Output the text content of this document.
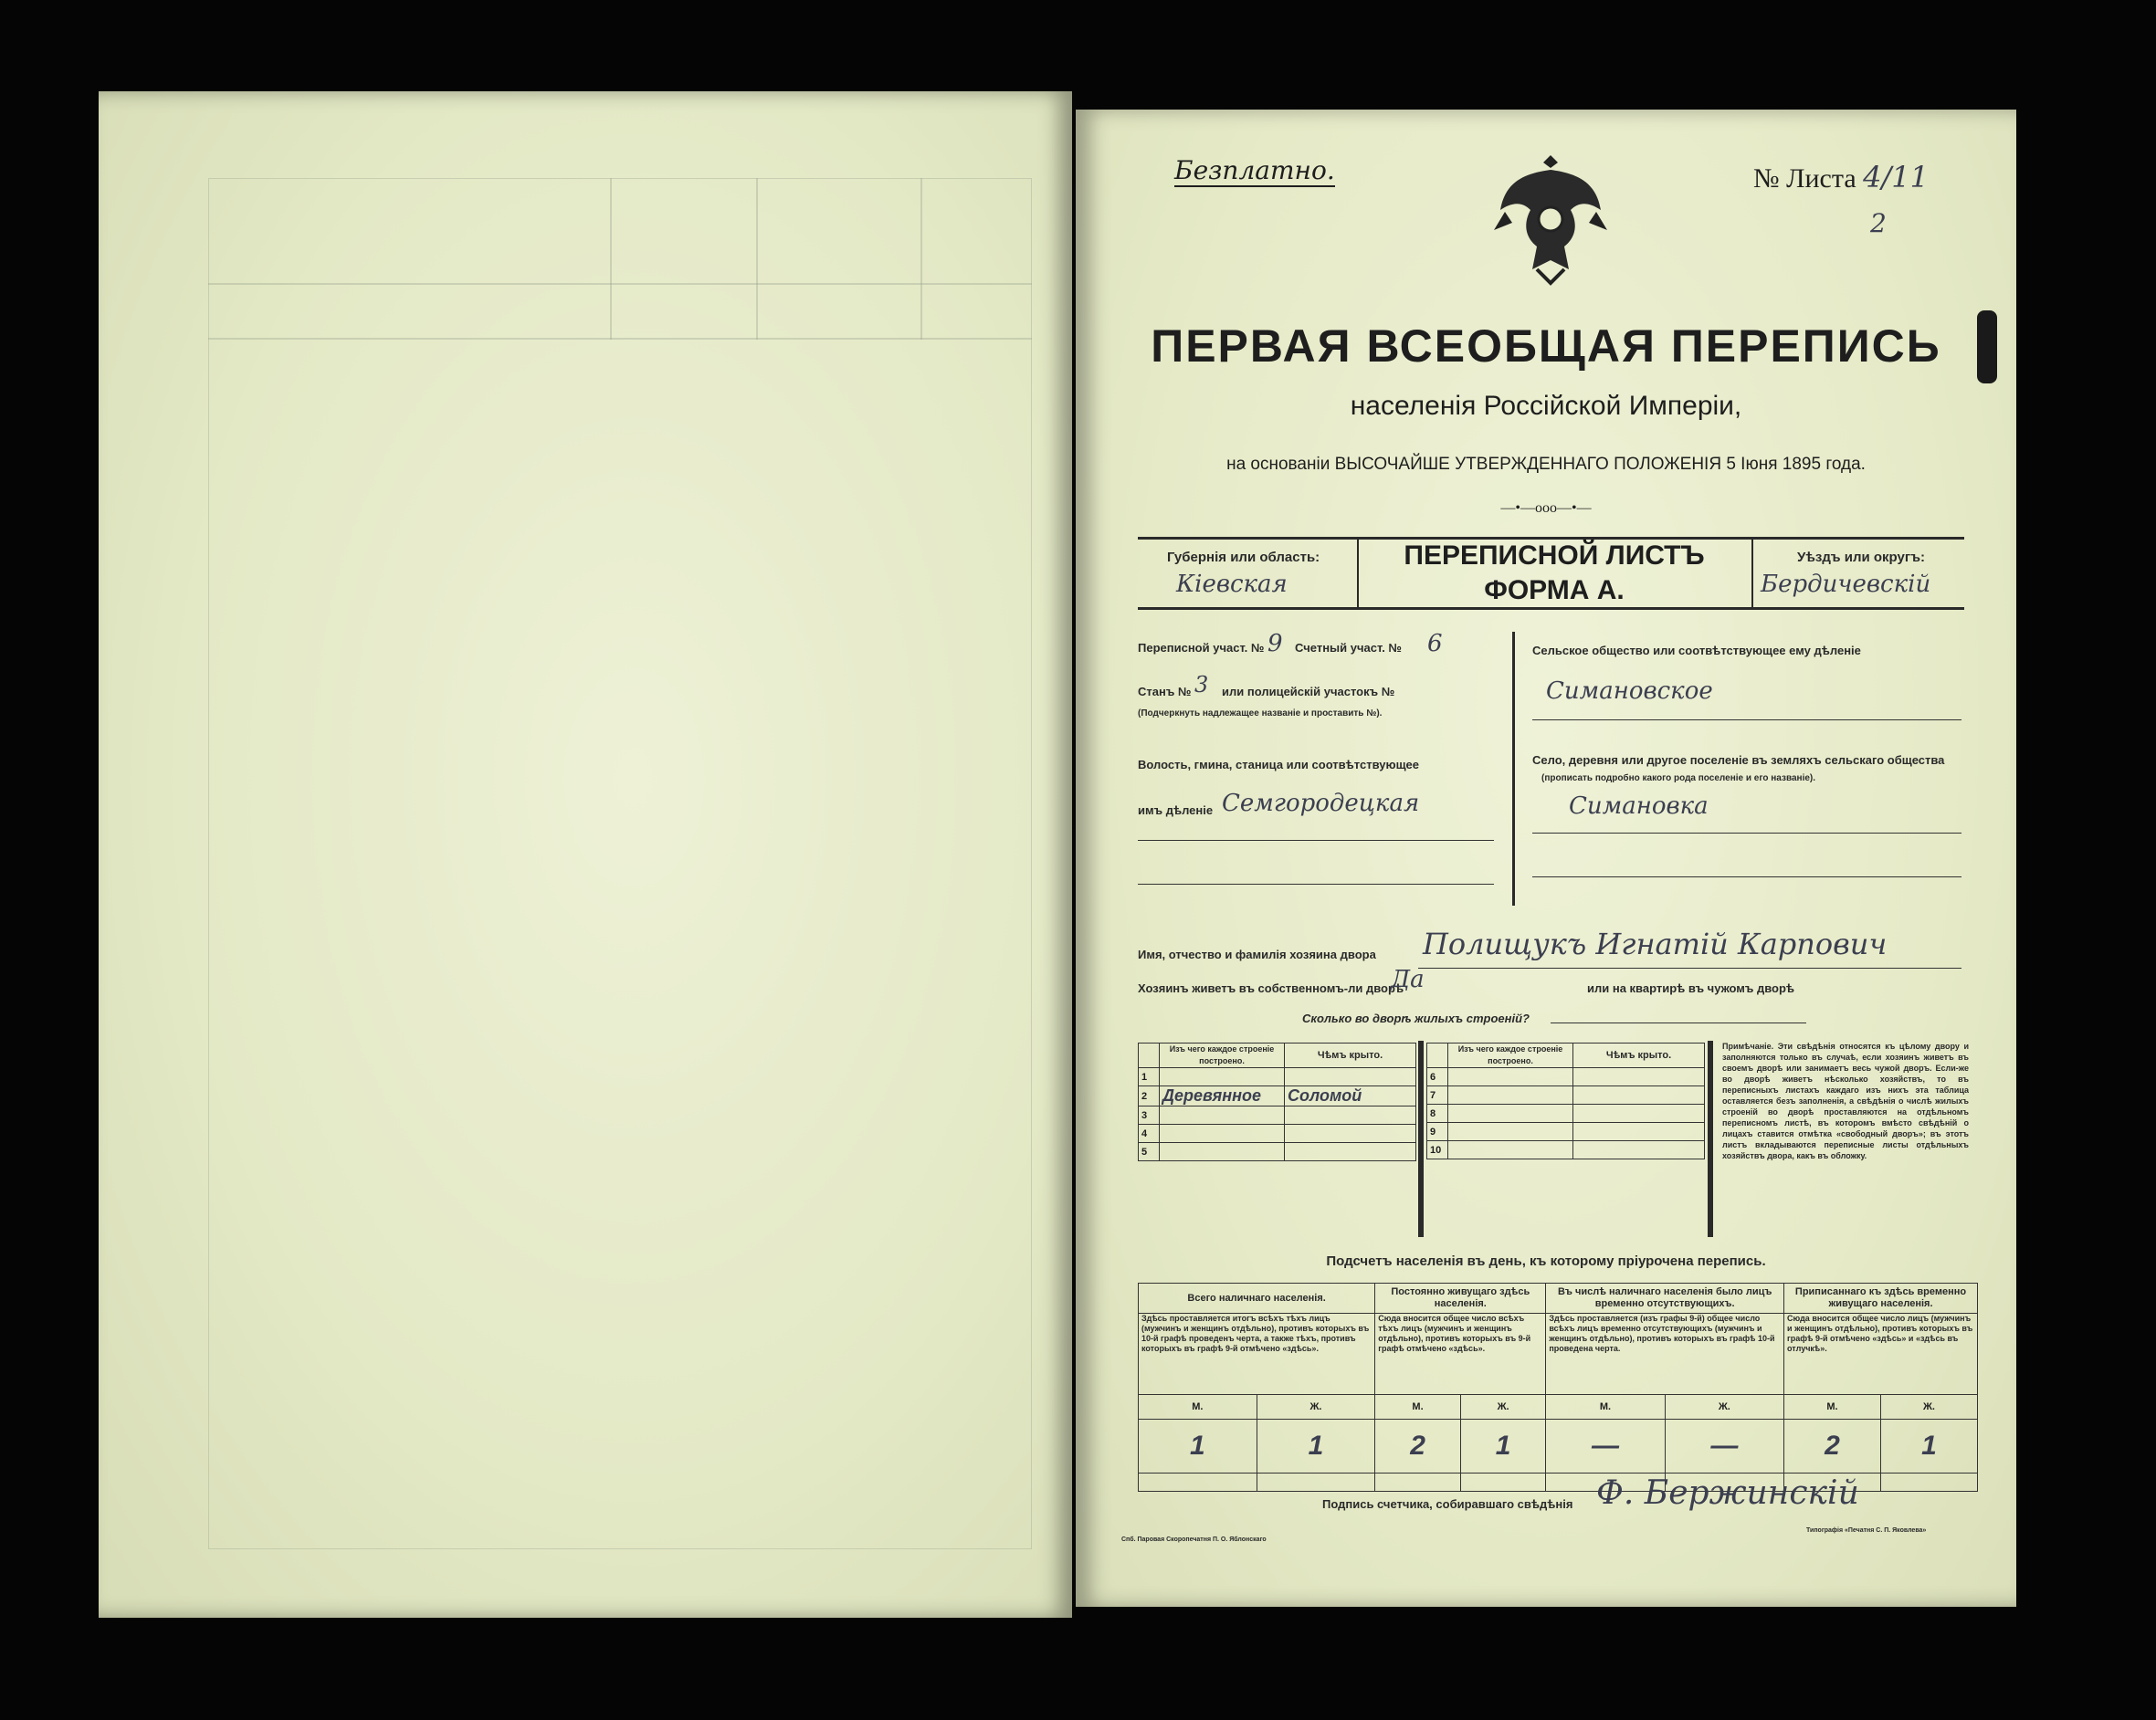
Безплатно.	№ Листа 4/11
2
ПЕРВАЯ ВСЕОБЩАЯ ПЕРЕПИСЬ
населенія Россійской Имперіи,
на основаніи ВЫСОЧАЙШЕ УТВЕРЖДЕННАГО ПОЛОЖЕНІЯ 5 Іюня 1895 года.
—•—ooo—•—
Губернія или область:
Кіевская
ПЕРЕПИСНОЙ ЛИСТЪ
ФОРМА А.
Уѣздъ или округъ:
Бердичевскій
Переписной участ. № 9 Счетный участ. № 6
Станъ № 3 или полицейскій участокъ №
(Подчеркнуть надлежащее названіе и проставить №).
Волость, гмина, станица или соотвѣтствующее
имъ дѣленіе Семгородецкая
Сельское общество или соотвѣтствующее ему дѣленіе
Симановское
Село, деревня или другое поселеніе въ земляхъ сельскаго общества
(прописать подробно какого рода поселеніе и его названіе).
Симановка
Имя, отчество и фамилія хозяина двора Полищукъ Игнатій Карпович
Хозяинъ живетъ въ собственномъ-ли дворѣ
Да	или на квартирѣ въ чужомъ дворѣ
Сколько во дворѣ жилыхъ строеній?
	Изъ чего каждое строеніе построено.	Чѣмъ крыто.
1		
2	Деревянное	Соломой
3		
4		
5		
	Изъ чего каждое строеніе построено.	Чѣмъ крыто.
6		
7		
8		
9		
10		
Примѣчаніе. Эти свѣдѣнія относятся къ цѣлому двору и заполняются только въ случаѣ, если хозяинъ живетъ въ своемъ дворѣ или занимаетъ весь чужой дворъ. Если-же во дворѣ живетъ нѣсколько хозяйствъ, то въ переписныхъ листахъ каждаго изъ нихъ эта таблица оставляется безъ заполненія, а свѣдѣнія о числѣ жилыхъ строеній во дворѣ проставляются на отдѣльномъ переписномъ листѣ, въ которомъ вмѣсто свѣдѣній о лицахъ ставится отмѣтка «свободный дворъ»; въ этотъ листъ вкладываются переписные листы отдѣльныхъ хозяйствъ двора, какъ въ обложку.
Подсчетъ населенія въ день, къ которому пріурочена перепись.
Всего наличнаго населенія.		Постоянно живущаго здѣсь населенія.		Въ числѣ наличнаго населенія было лицъ временно отсутствующихъ.		Приписаннаго къ здѣсь временно живущаго населенія.	
Здѣсь проставляется итогъ всѣхъ тѣхъ лицъ (мужчинъ и женщинъ отдѣльно), противъ которыхъ въ 10-й графѣ проведенъ черта, а также тѣхъ, противъ которыхъ въ графѣ 9-й отмѣчено «здѣсь».		Сюда вносится общее число всѣхъ тѣхъ лицъ (мужчинъ и женщинъ отдѣльно), противъ которыхъ въ 9-й графѣ отмѣчено «здѣсь».		Здѣсь проставляется (изъ графы 9-й) общее число всѣхъ лицъ временно отсутствующихъ (мужчинъ и женщинъ отдѣльно), противъ которыхъ въ графѣ 10-й проведена черта.		Сюда вносится общее число лицъ (мужчинъ и женщинъ отдѣльно), противъ которыхъ въ графѣ 9-й отмѣчено «здѣсь» и «здѣсь въ отлучкѣ».	
М.	Ж.	М.	Ж.	М.	Ж.	М.	Ж.
1	1	2	1	—	—	2	1

Подпись счетчика, собиравшаго свѣдѣнія Ф. Бержинскій
Спб. Паровая Скоропечатня П. О. Яблонскаго
Типографія «Печатня С. П. Яковлева»
